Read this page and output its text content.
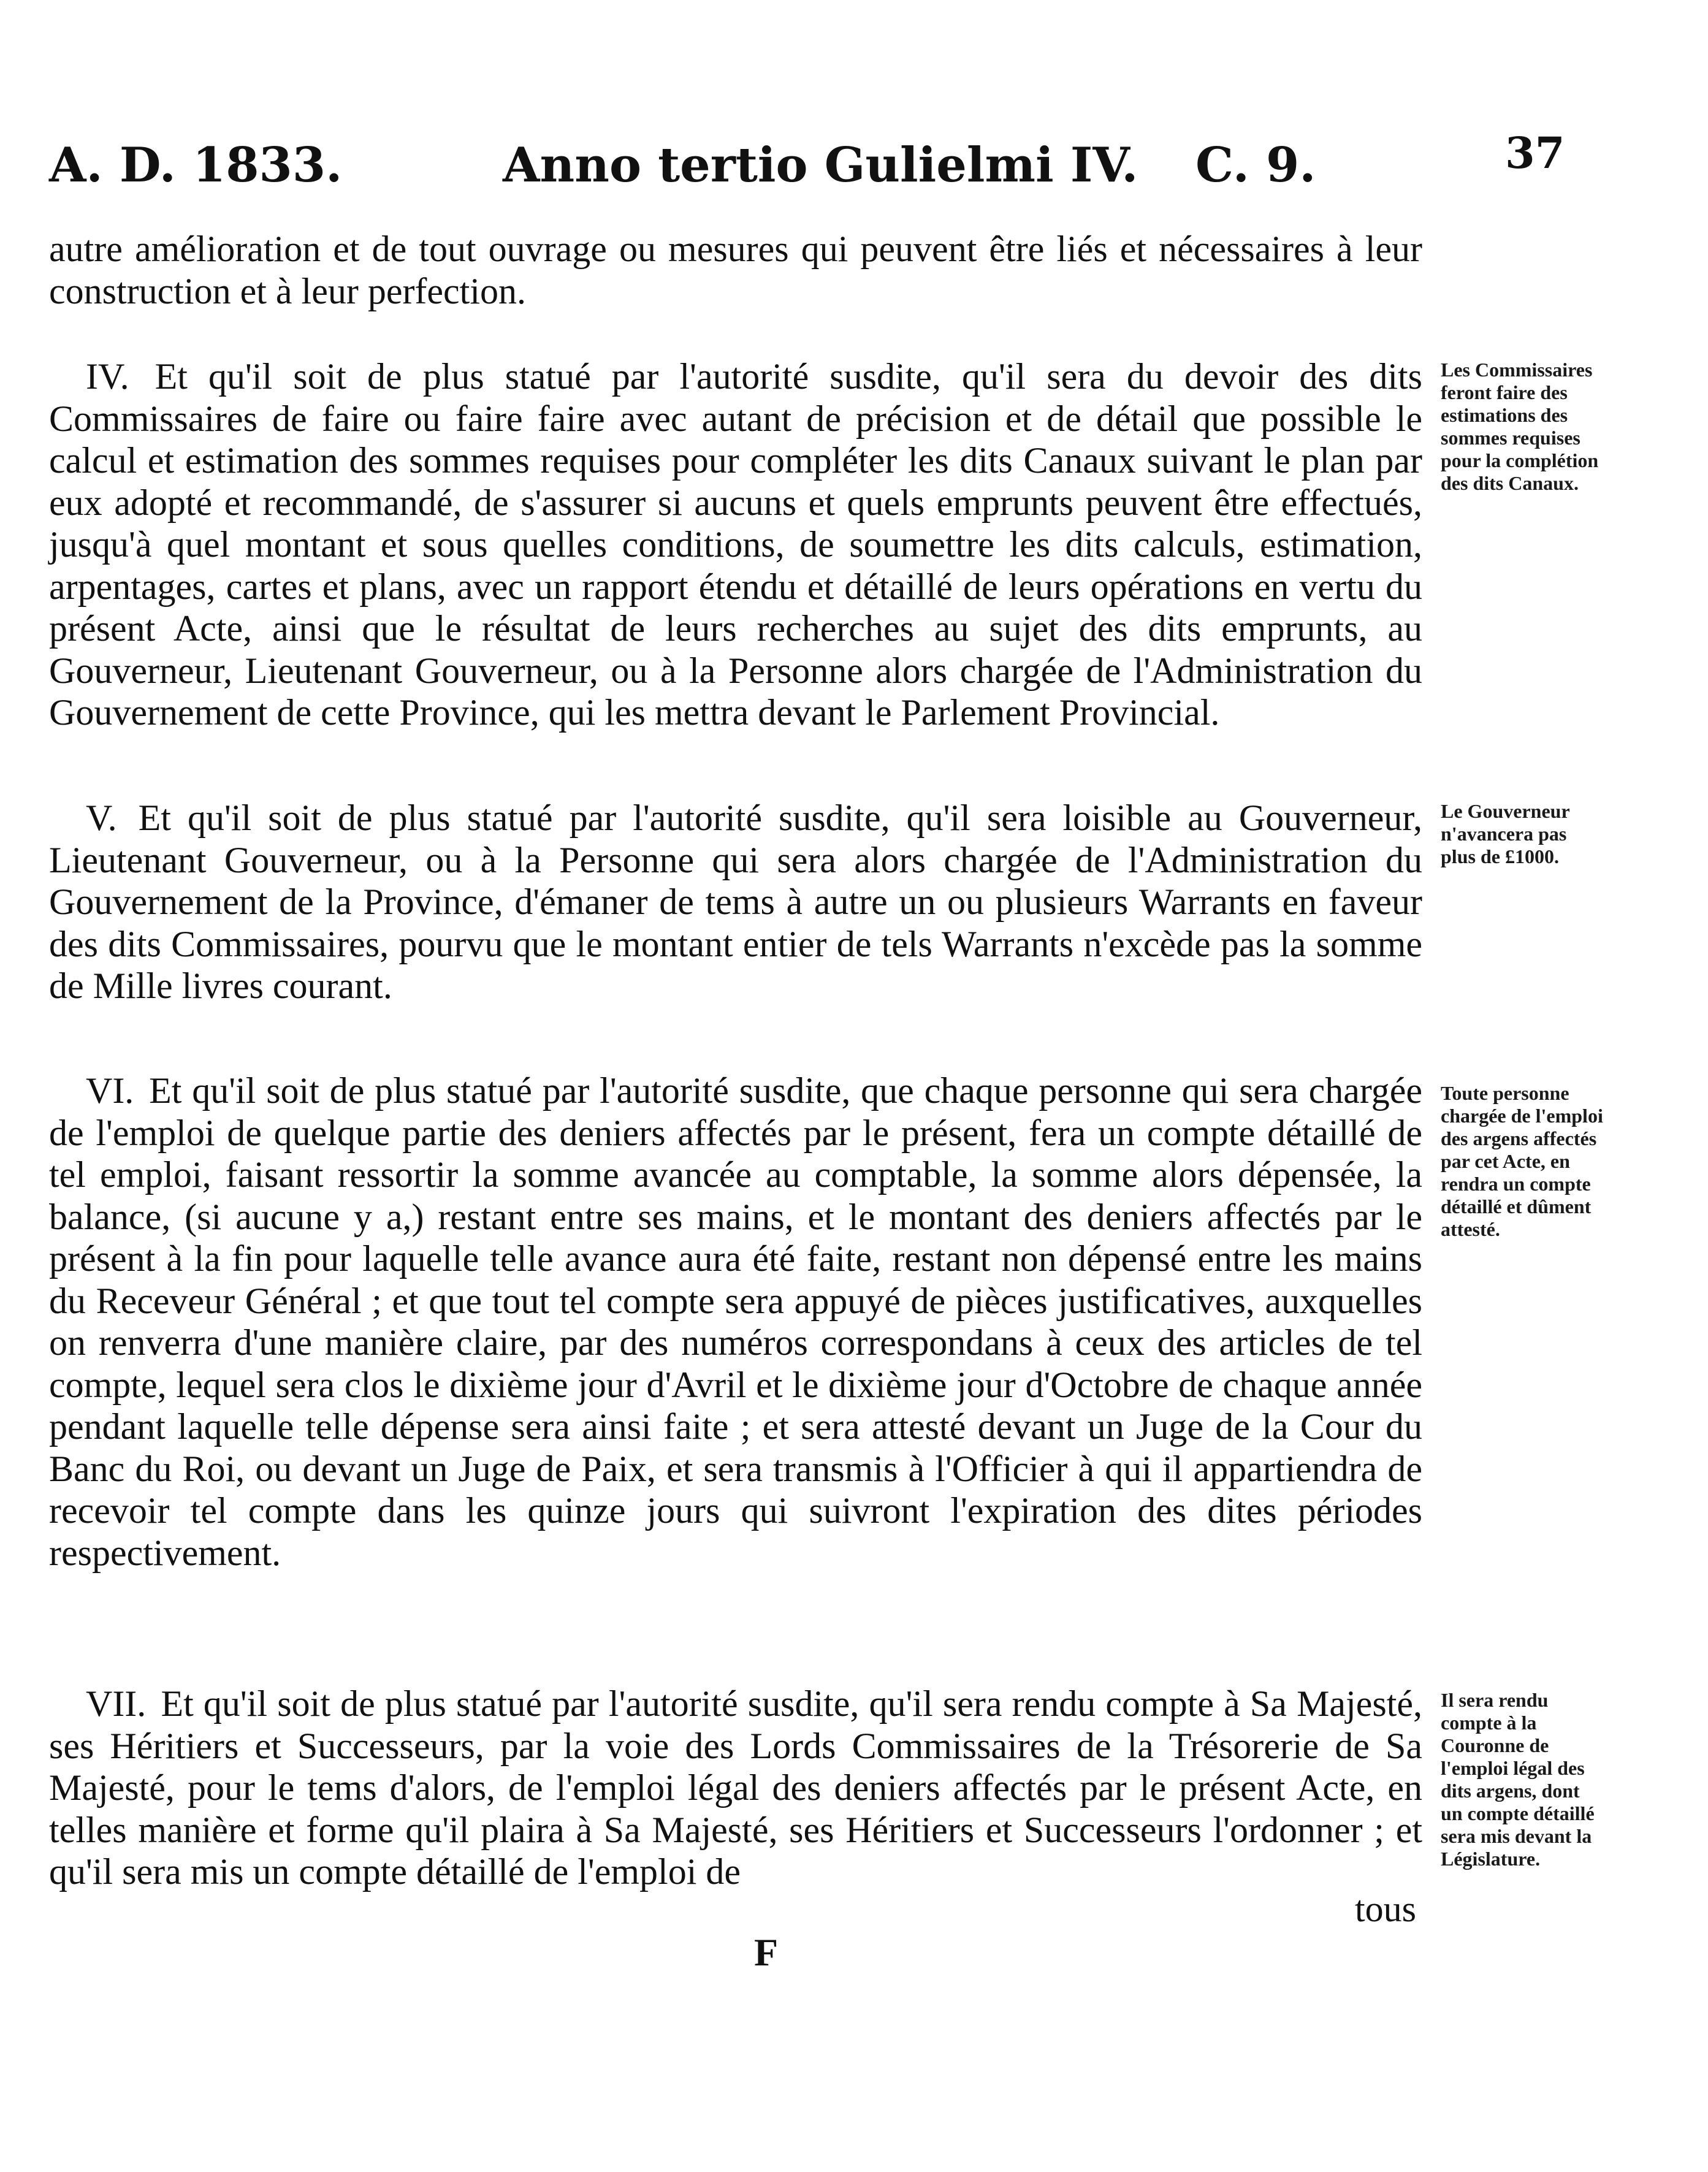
A. D. 1833.	Anno tertio Gulielmi IV. C. 9.	37
autre amélioration et de tout ouvrage ou mesures qui peuvent être liés et nécessaires à leur construction et à leur perfection.
IV. Et qu'il soit de plus statué par l'autorité susdite, qu'il sera du devoir des dits Commissaires de faire ou faire faire avec autant de précision et de détail que possible le calcul et estimation des sommes requises pour compléter les dits Canaux suivant le plan par eux adopté et recommandé, de s'assurer si aucuns et quels emprunts peuvent être effectués, jusqu'à quel montant et sous quelles conditions, de soumettre les dits calculs, estimation, arpentages, cartes et plans, avec un rapport étendu et détaillé de leurs opérations en vertu du présent Acte, ainsi que le résultat de leurs recherches au sujet des dits emprunts, au Gouverneur, Lieutenant Gouverneur, ou à la Personne alors chargée de l'Administration du Gouvernement de cette Province, qui les mettra devant le Parlement Provincial.
Les Commissaires feront faire des estimations des sommes requises pour la complétion des dits Canaux.
V. Et qu'il soit de plus statué par l'autorité susdite, qu'il sera loisible au Gouverneur, Lieutenant Gouverneur, ou à la Personne qui sera alors chargée de l'Administration du Gouvernement de la Province, d'émaner de tems à autre un ou plusieurs Warrants en faveur des dits Commissaires, pourvu que le montant entier de tels Warrants n'excède pas la somme de Mille livres courant.
Le Gouverneur n'avancera pas plus de £1000.
VI. Et qu'il soit de plus statué par l'autorité susdite, que chaque personne qui sera chargée de l'emploi de quelque partie des deniers affectés par le présent, fera un compte détaillé de tel emploi, faisant ressortir la somme avancée au comptable, la somme alors dépensée, la balance, (si aucune y a,) restant entre ses mains, et le montant des deniers affectés par le présent à la fin pour laquelle telle avance aura été faite, restant non dépensé entre les mains du Receveur Général ; et que tout tel compte sera appuyé de pièces justificatives, auxquelles on renverra d'une manière claire, par des numéros correspondans à ceux des articles de tel compte, lequel sera clos le dixième jour d'Avril et le dixième jour d'Octobre de chaque année pendant laquelle telle dépense sera ainsi faite ; et sera attesté devant un Juge de la Cour du Banc du Roi, ou devant un Juge de Paix, et sera transmis à l'Officier à qui il appartiendra de recevoir tel compte dans les quinze jours qui suivront l'expiration des dites périodes respectivement.
Toute personne chargée de l'emploi des argens affectés par cet Acte, en rendra un compte détaillé et dûment attesté.
VII. Et qu'il soit de plus statué par l'autorité susdite, qu'il sera rendu compte à Sa Majesté, ses Héritiers et Successeurs, par la voie des Lords Commissaires de la Trésorerie de Sa Majesté, pour le tems d'alors, de l'emploi légal des deniers affectés par le présent Acte, en telles manière et forme qu'il plaira à Sa Majesté, ses Héritiers et Successeurs l'ordonner ; et qu'il sera mis un compte détaillé de l'emploi de
Il sera rendu compte à la Couronne de l'emploi légal des dits argens, dont un compte détaillé sera mis devant la Législature.
tous
F
